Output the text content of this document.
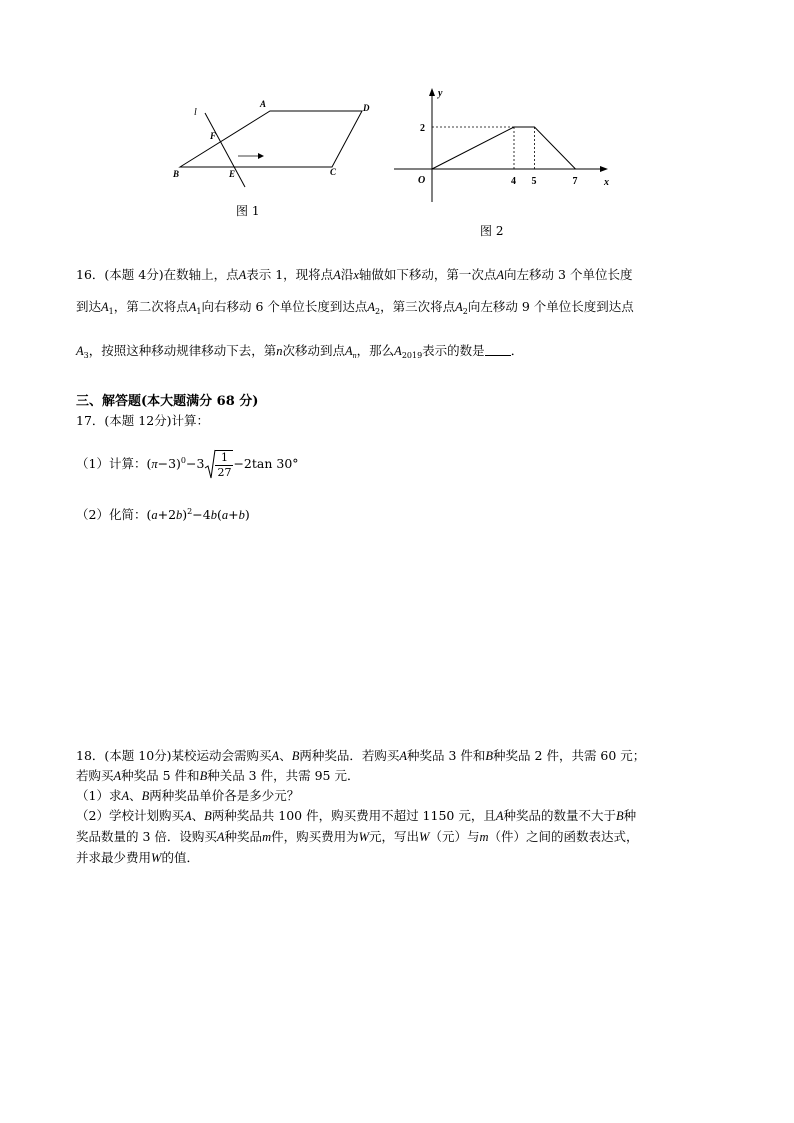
l
A	D
F
B	E	C
图 1
y
x
O
2
4 5	7
图 2
16．(本题 4分)在数轴上，点A表示 1，现将点A沿x轴做如下移动，第一次点A向左移动 3 个单位长度
到达$A_1$，第二次将点$A_1$向右移动 6 个单位长度到达点$A_2$，第三次将点$A_2$向左移动 9 个单位长度到达点
$A_3$，按照这种移动规律移动下去，第n次移动到点$A_n$，那么$A_{2019}$表示的数是 ．
三、解答题(本大题满分 68 分)
17．(本题 12分)计算：
（1）计算：$(\pi-3)^0-3 \frac{1}{27} -2\tan$ 30°
（2）化简：$(a+2b)^2-4b(a+b)$
18．(本题 10分)某校运动会需购买A、B两种奖品．若购买A种奖品 3 件和B种奖品 2 件，共需 60 元；
若购买A种奖品 5 件和B种关品 3 件，共需 95 元．
（1）求A、B两种奖品单价各是多少元？
（2）学校计划购买A、B两种奖品共 100 件，购买费用不超过 1150 元，且A种奖品的数量不大于B种
奖品数量的 3 倍．设购买A种奖品m件，购买费用为W元，写出W（元）与m（件）之间的函数表达式，
并求最少费用W的值．
